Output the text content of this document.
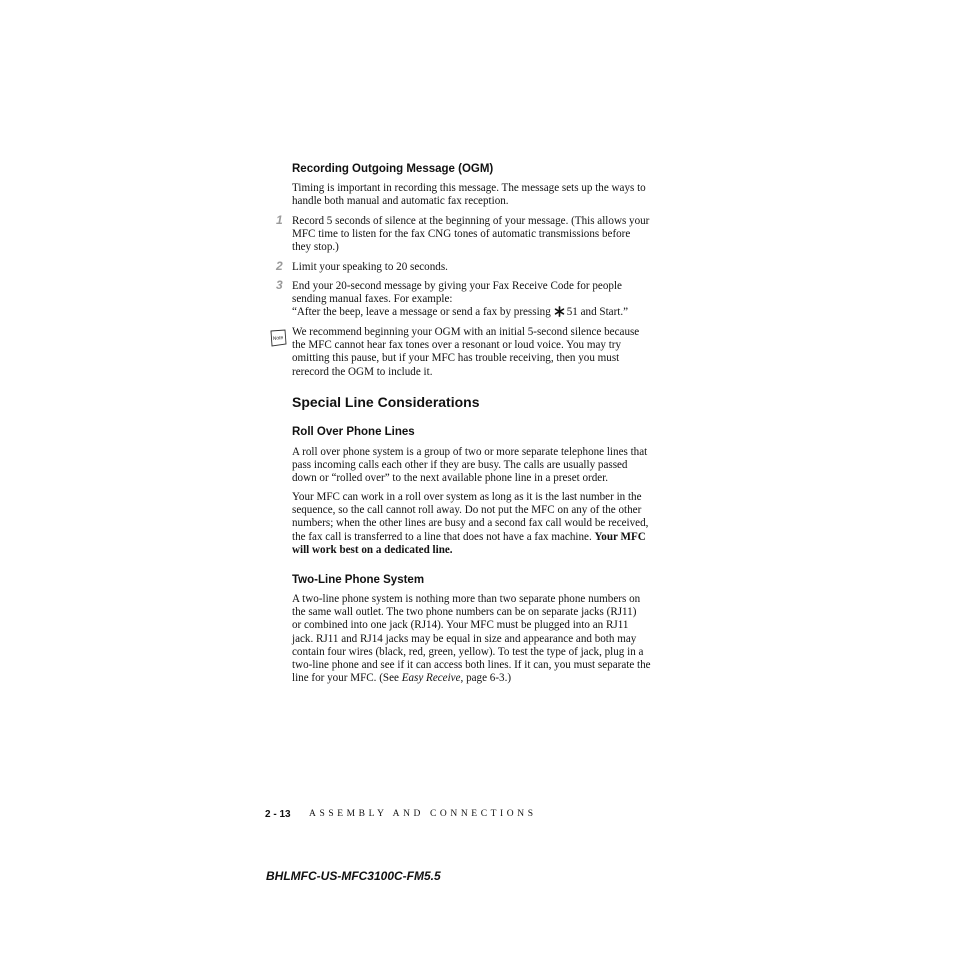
Recording Outgoing Message (OGM)
Timing is important in recording this message. The message sets up the ways to
handle both manual and automatic fax reception.
1 Record 5 seconds of silence at the beginning of your message. (This allows your
MFC time to listen for the fax CNG tones of automatic transmissions before
they stop.)
2 Limit your speaking to 20 seconds.
3 End your 20-second message by giving your Fax Receive Code for people
sending manual faxes. For example:
“After the beep, leave a message or send a fax by pressing 51 and Start.”
Note
We recommend beginning your OGM with an initial 5-second silence because
the MFC cannot hear fax tones over a resonant or loud voice. You may try
omitting this pause, but if your MFC has trouble receiving, then you must
rerecord the OGM to include it.
Special Line Considerations
Roll Over Phone Lines
A roll over phone system is a group of two or more separate telephone lines that
pass incoming calls each other if they are busy. The calls are usually passed
down or “rolled over” to the next available phone line in a preset order.
Your MFC can work in a roll over system as long as it is the last number in the
sequence, so the call cannot roll away. Do not put the MFC on any of the other
numbers; when the other lines are busy and a second fax call would be received,
the fax call is transferred to a line that does not have a fax machine. Your MFC
will work best on a dedicated line.
Two-Line Phone System
A two-line phone system is nothing more than two separate phone numbers on
the same wall outlet. The two phone numbers can be on separate jacks (RJ11)
or combined into one jack (RJ14). Your MFC must be plugged into an RJ11
jack. RJ11 and RJ14 jacks may be equal in size and appearance and both may
contain four wires (black, red, green, yellow). To test the type of jack, plug in a
two-line phone and see if it can access both lines. If it can, you must separate the
line for your MFC. (See Easy Receive, page 6-3.)
2 - 13 ASSEMBLY AND CONNECTIONS
BHLMFC-US-MFC3100C-FM5.5
